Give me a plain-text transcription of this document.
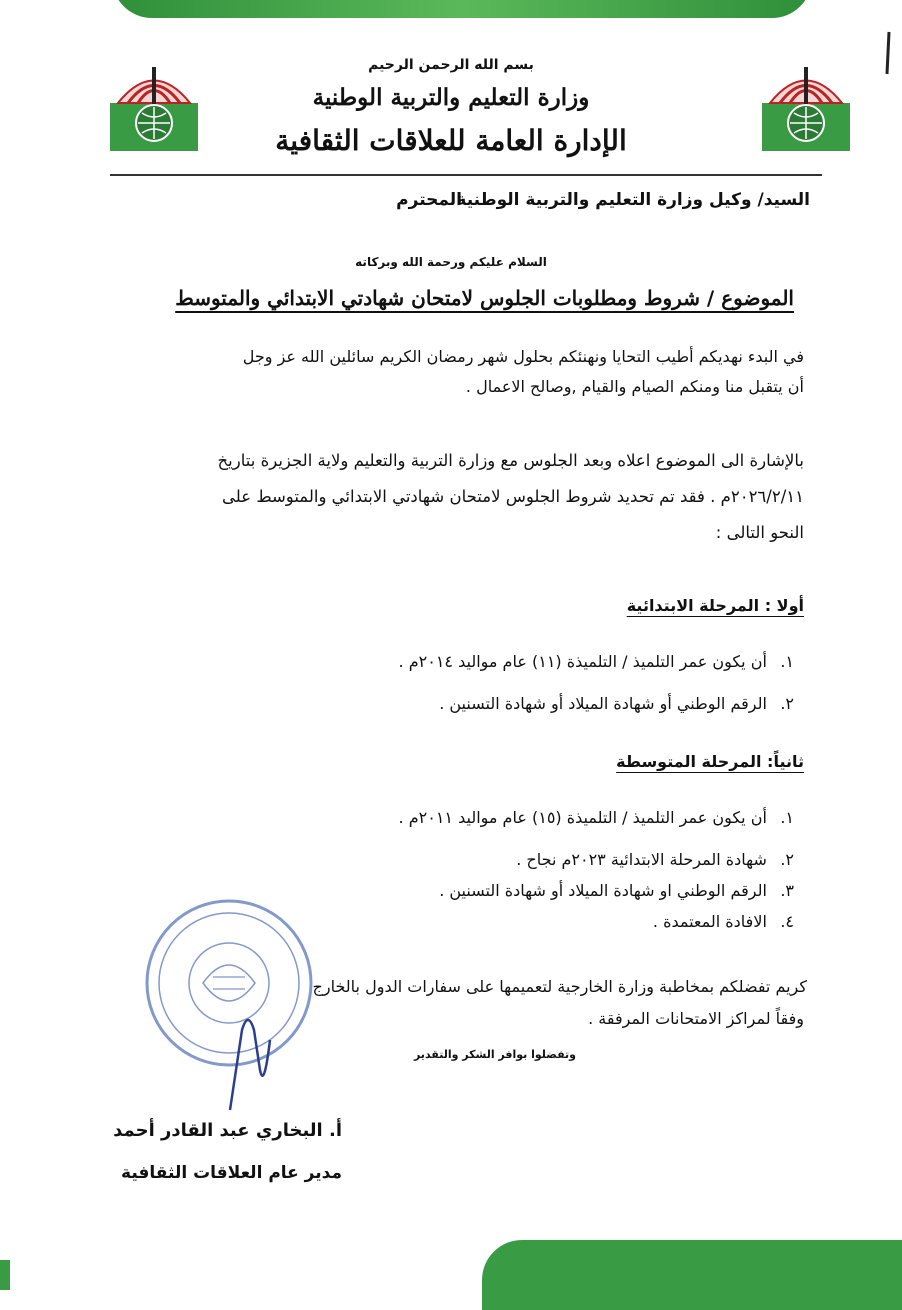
بسم الله الرحمن الرحيم
وزارة التعليم والتربية الوطنية
الإدارة العامة للعلاقات الثقافية
السيد/ وكيل وزارة التعليم والتربية الوطنية
المحترم
السلام عليكم ورحمة الله وبركاته
الموضوع / شروط ومطلوبات الجلوس لامتحان شهادتي الابتدائي والمتوسط
في البدء نهديكم أطيب التحايا ونهنئكم بحلول شهر رمضان الكريم سائلين الله عز وجل
أن يتقبل منا ومنكم الصيام والقيام ,وصالح الاعمال .
بالإشارة الى الموضوع اعلاه وبعد الجلوس مع وزارة التربية والتعليم ولاية الجزيرة بتاريخ
٢٠٢٦/٢/١١م . فقد تم تحديد شروط الجلوس لامتحان شهادتي الابتدائي والمتوسط على
النحو التالى :
أولا : المرحلة الابتدائية
١. أن يكون عمر التلميذ / التلميذة (١١) عام مواليد ٢٠١٤م .
٢. الرقم الوطني أو شهادة الميلاد أو شهادة التسنين .
ثانياً: المرحلة المتوسطة
١. أن يكون عمر التلميذ / التلميذة (١٥) عام مواليد ٢٠١١م .
٢. شهادة المرحلة الابتدائية ٢٠٢٣م نجاح .
٣. الرقم الوطني او شهادة الميلاد أو شهادة التسنين .
٤. الافادة المعتمدة .
كريم تفضلكم بمخاطبة وزارة الخارجية لتعميمها على سفارات الدول بالخارج
وفقاً لمراكز الامتحانات المرفقة .
وتفضلوا بوافر الشكر والتقدير
أ. البخاري عبد القادر أحمد
مدير عام العلاقات الثقافية
